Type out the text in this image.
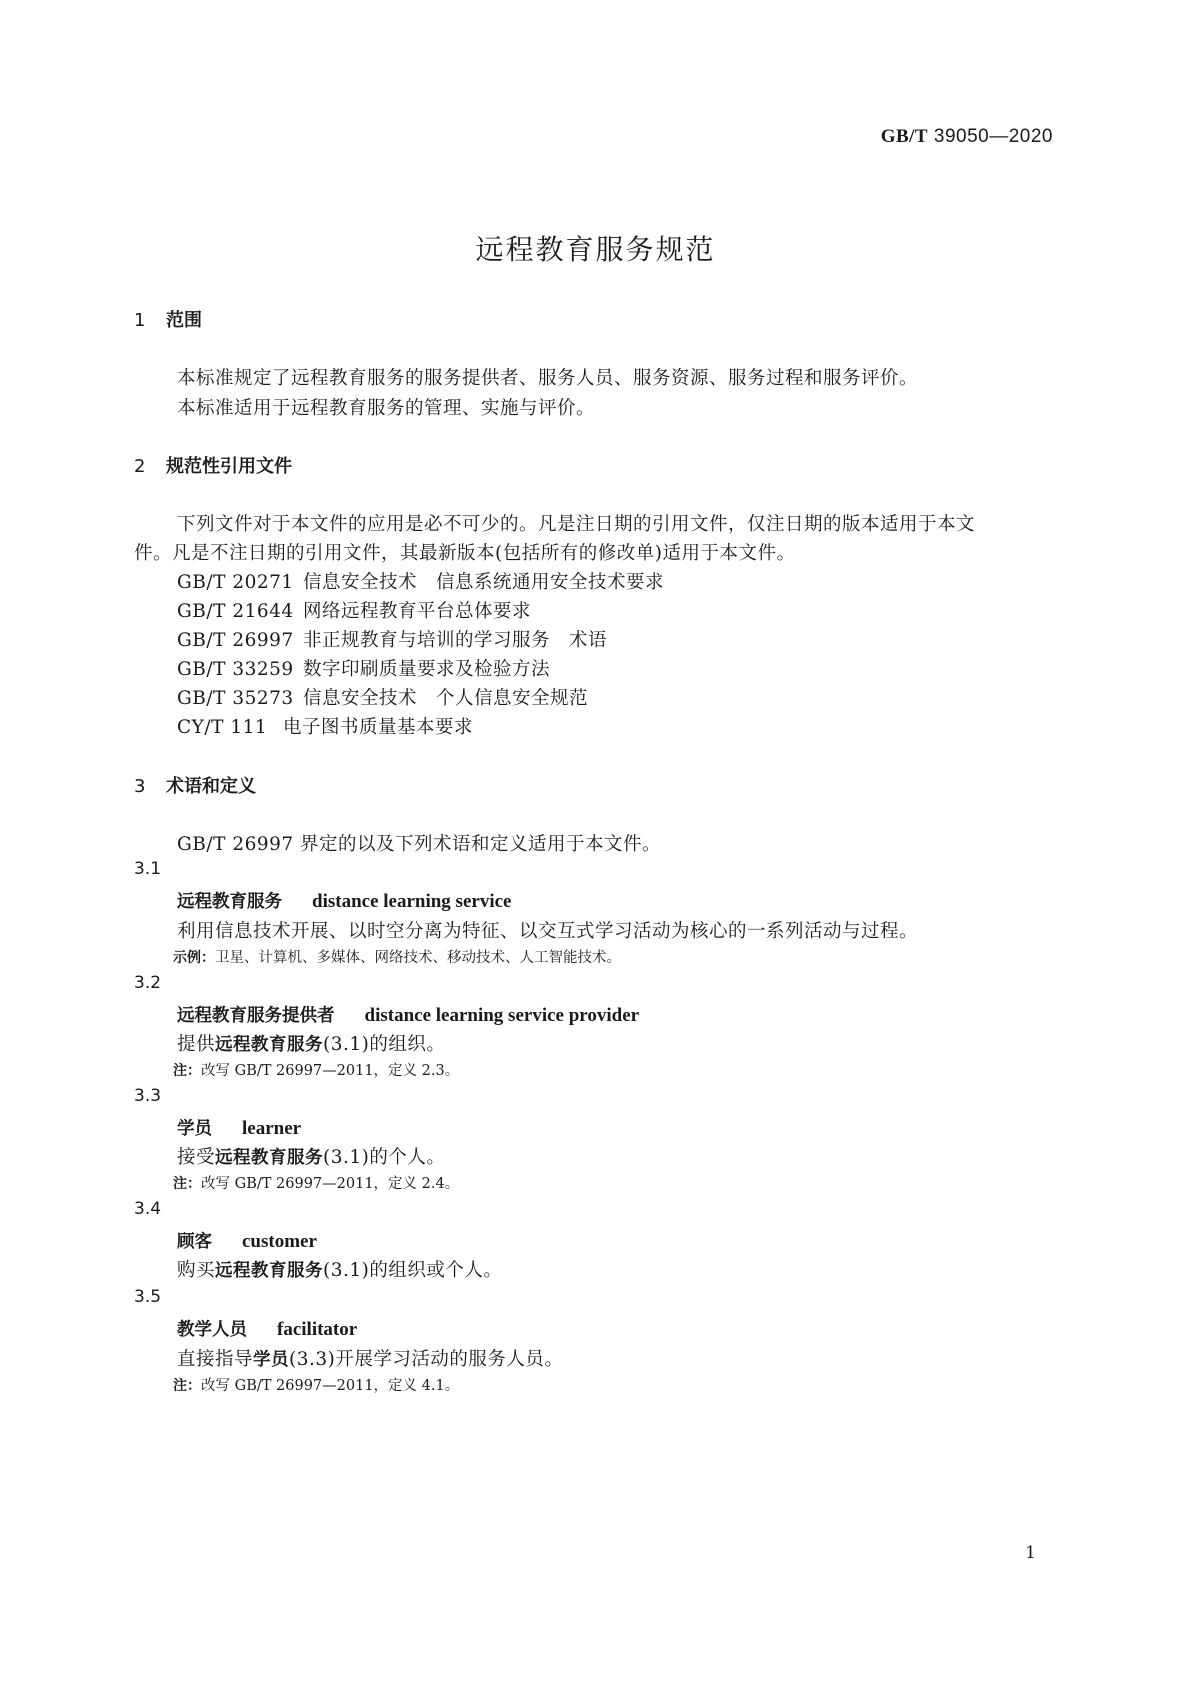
GB/T 39050—2020
远程教育服务规范
1 范围
本标准规定了远程教育服务的服务提供者、服务人员、服务资源、服务过程和服务评价。
本标准适用于远程教育服务的管理、实施与评价。
2 规范性引用文件
下列文件对于本文件的应用是必不可少的。凡是注日期的引用文件，仅注日期的版本适用于本文
件。凡是不注日期的引用文件，其最新版本(包括所有的修改单)适用于本文件。
GB/T 20271 信息安全技术　信息系统通用安全技术要求
GB/T 21644 网络远程教育平台总体要求
GB/T 26997 非正规教育与培训的学习服务　术语
GB/T 33259 数字印刷质量要求及检验方法
GB/T 35273 信息安全技术　个人信息安全规范
CY/T 111 电子图书质量基本要求
3 术语和定义
GB/T 26997 界定的以及下列术语和定义适用于本文件。
3.1
远程教育服务 distance learning service
利用信息技术开展、以时空分离为特征、以交互式学习活动为核心的一系列活动与过程。
示例：卫星、计算机、多媒体、网络技术、移动技术、人工智能技术。
3.2
远程教育服务提供者 distance learning service provider
提供远程教育服务(3.1)的组织。
注：改写 GB/T 26997—2011，定义 2.3。
3.3
学员 learner
接受远程教育服务(3.1)的个人。
注：改写 GB/T 26997—2011，定义 2.4。
3.4
顾客 customer
购买远程教育服务(3.1)的组织或个人。
3.5
教学人员 facilitator
直接指导学员(3.3)开展学习活动的服务人员。
注：改写 GB/T 26997—2011，定义 4.1。
1
